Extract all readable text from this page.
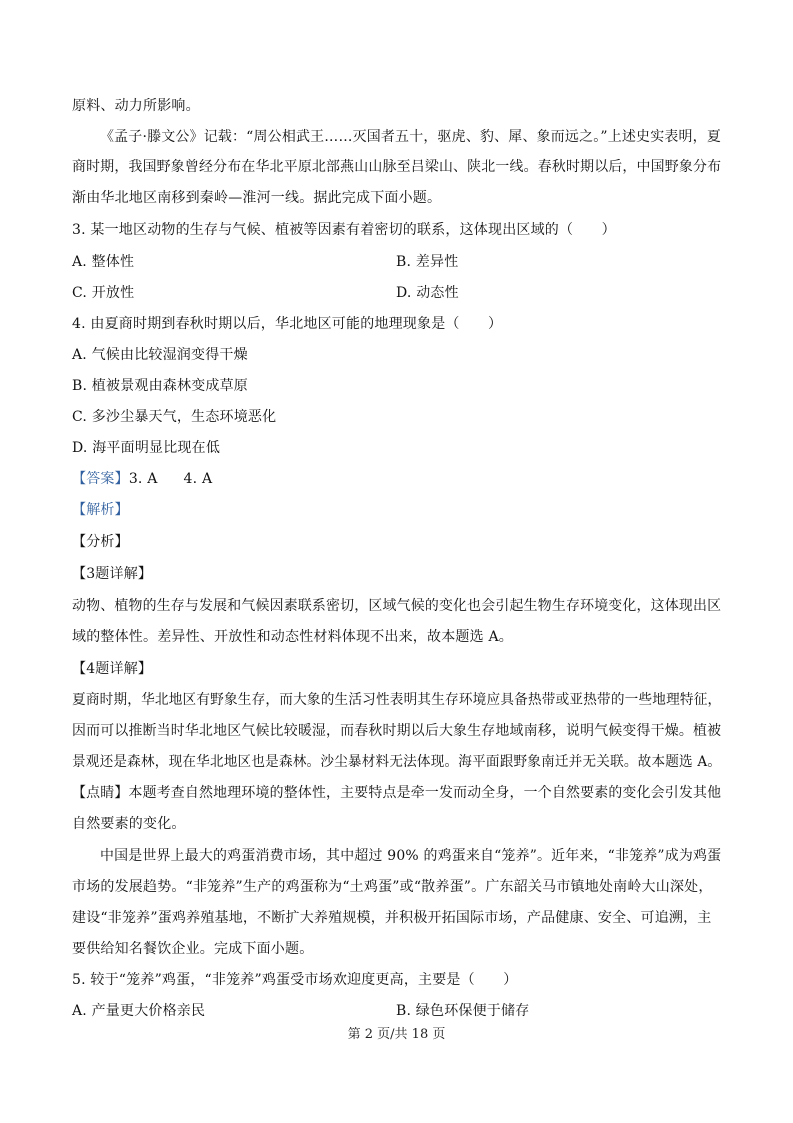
原料、动力所影响。
《孟子·滕文公》记载：“周公相武王……灭国者五十，驱虎、豹、犀、象而远之。”上述史实表明，夏
商时期，我国野象曾经分布在华北平原北部燕山山脉至吕梁山、陕北一线。春秋时期以后，中国野象分布
渐由华北地区南移到秦岭—淮河一线。据此完成下面小题。
3. 某一地区动物的生存与气候、植被等因素有着密切的联系，这体现出区域的（　　）
A. 整体性	B. 差异性
C. 开放性	D. 动态性
4. 由夏商时期到春秋时期以后，华北地区可能的地理现象是（　　）
A. 气候由比较湿润变得干燥
B. 植被景观由森林变成草原
C. 多沙尘暴天气，生态环境恶化
D. 海平面明显比现在低
【答案】3. A 4. A
【解析】
【分析】
【3题详解】
动物、植物的生存与发展和气候因素联系密切，区域气候的变化也会引起生物生存环境变化，这体现出区
域的整体性。差异性、开放性和动态性材料体现不出来，故本题选 A。
【4题详解】
夏商时期，华北地区有野象生存，而大象的生活习性表明其生存环境应具备热带或亚热带的一些地理特征，
因而可以推断当时华北地区气候比较暖湿，而春秋时期以后大象生存地域南移，说明气候变得干燥。植被
景观还是森林，现在华北地区也是森林。沙尘暴材料无法体现。海平面跟野象南迁并无关联。故本题选 A。
【点睛】本题考查自然地理环境的整体性，主要特点是牵一发而动全身，一个自然要素的变化会引发其他
自然要素的变化。
中国是世界上最大的鸡蛋消费市场，其中超过 90% 的鸡蛋来自“笼养”。近年来，“非笼养”成为鸡蛋
市场的发展趋势。“非笼养”生产的鸡蛋称为“土鸡蛋”或“散养蛋”。广东韶关马市镇地处南岭大山深处，
建设“非笼养”蛋鸡养殖基地，不断扩大养殖规模，并积极开拓国际市场，产品健康、安全、可追溯，主
要供给知名餐饮企业。完成下面小题。
5. 较于“笼养”鸡蛋，“非笼养”鸡蛋受市场欢迎度更高，主要是（　　）
A. 产量更大价格亲民	B. 绿色环保便于储存
第 2 页/共 18 页
